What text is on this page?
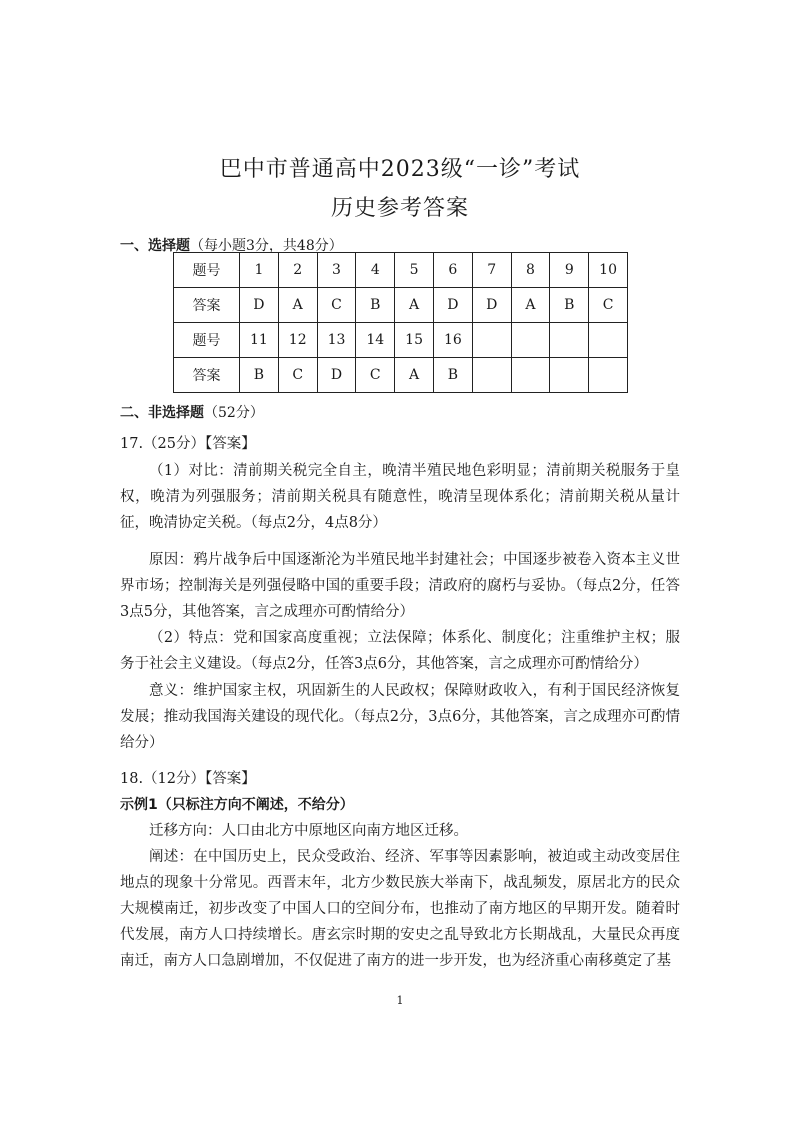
巴中市普通高中2023级“一诊”考试
历史参考答案
一、选择题（每小题3分，共48分）
题号	1	2	3	4	5	6	7	8	9	10
答案	D	A	C	B	A	D	D	A	B	C
题号	11	12	13	14	15	16				
答案	B	C	D	C	A	B				
二、非选择题（52分）

17.（25分）【答案】

（1）对比：清前期关税完全自主，晚清半殖民地色彩明显；清前期关税服务于皇权，晚清为列强服务；清前期关税具有随意性，晚清呈现体系化；清前期关税从量计征，晚清协定关税。（每点2分，4点8分）

原因：鸦片战争后中国逐渐沦为半殖民地半封建社会；中国逐步被卷入资本主义世界市场；控制海关是列强侵略中国的重要手段；清政府的腐朽与妥协。（每点2分，任答3点5分，其他答案，言之成理亦可酌情给分）

（2）特点：党和国家高度重视；立法保障；体系化、制度化；注重维护主权；服务于社会主义建设。（每点2分，任答3点6分，其他答案，言之成理亦可酌情给分）

意义：维护国家主权，巩固新生的人民政权；保障财政收入，有利于国民经济恢复发展；推动我国海关建设的现代化。（每点2分，3点6分，其他答案，言之成理亦可酌情给分）

18.（12分）【答案】

示例1（只标注方向不阐述，不给分）

迁移方向：人口由北方中原地区向南方地区迁移。

阐述：在中国历史上，民众受政治、经济、军事等因素影响，被迫或主动改变居住地点的现象十分常见。西晋末年，北方少数民族大举南下，战乱频发，原居北方的民众大规模南迁，初步改变了中国人口的空间分布，也推动了南方地区的早期开发。随着时代发展，南方人口持续增长。唐玄宗时期的安史之乱导致北方长期战乱，大量民众再度南迁，南方人口急剧增加，不仅促进了南方的进一步开发，也为经济重心南移奠定了基

1
